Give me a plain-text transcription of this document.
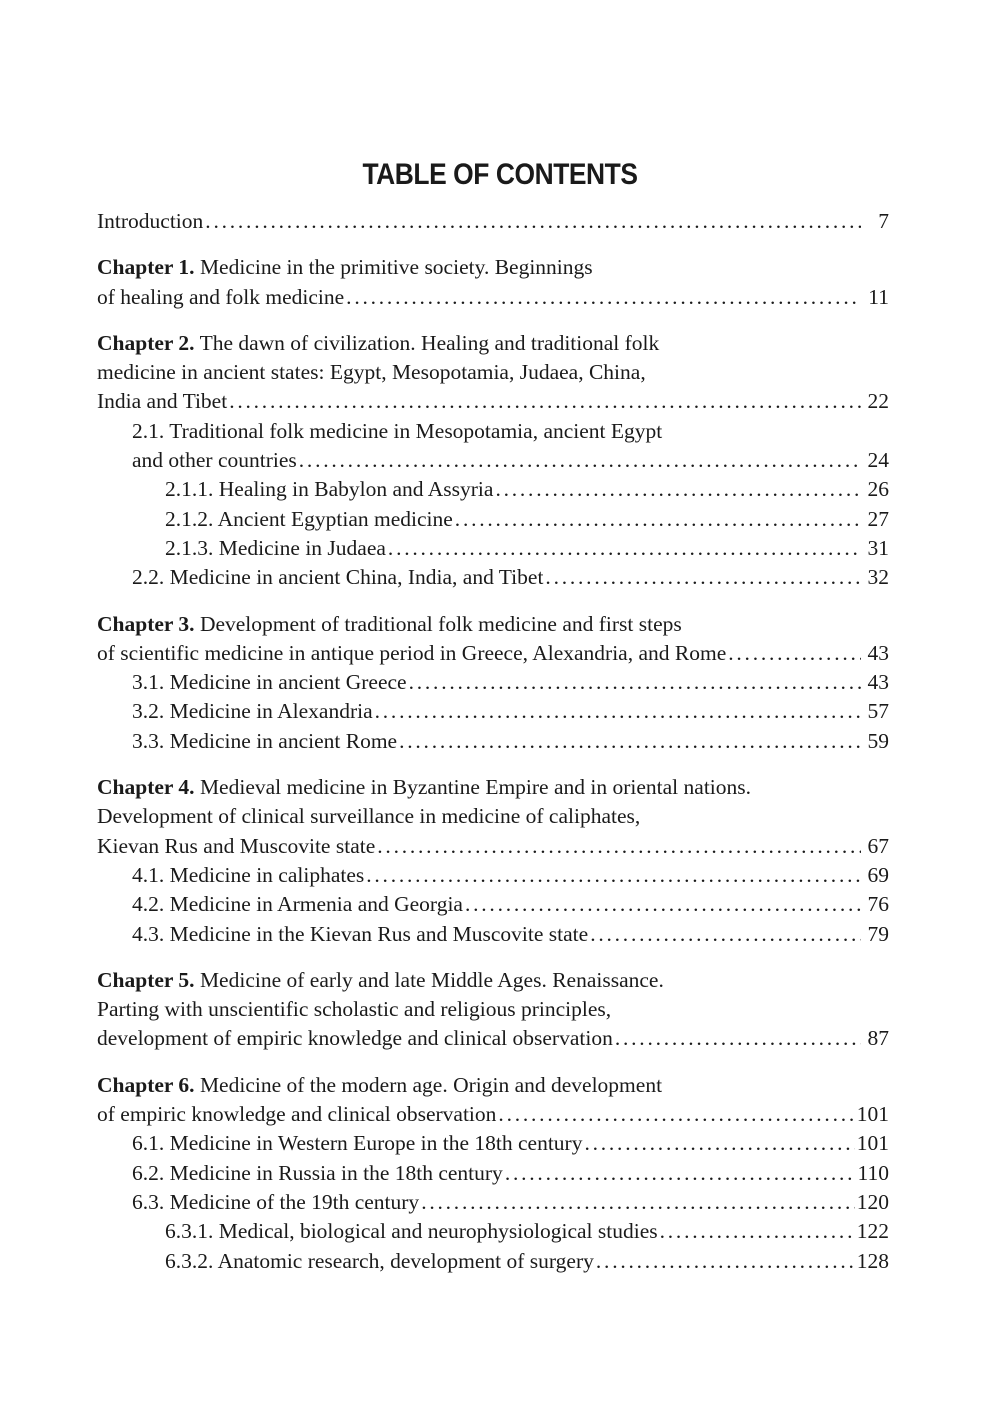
TABLE OF CONTENTS
Introduction . . .	7
Chapter 1. Medicine in the primitive society. Beginnings
of healing and folk medicine . . .	11
Chapter 2. The dawn of civilization. Healing and traditional folk
medicine in ancient states: Egypt, Mesopotamia, Judaea, China,
India and Tibet . . .	22
2.1. Traditional folk medicine in Mesopotamia, ancient Egypt
and other countries . . .	24
2.1.1. Healing in Babylon and Assyria . . .	26
2.1.2. Ancient Egyptian medicine . . .	27
2.1.3. Medicine in Judaea . . .	31
2.2. Medicine in ancient China, India, and Tibet . . .	32
Chapter 3. Development of traditional folk medicine and first steps
of scientific medicine in antique period in Greece, Alexandria, and Rome . . .	43
3.1. Medicine in ancient Greece . . .	43
3.2. Medicine in Alexandria . . .	57
3.3. Medicine in ancient Rome . . .	59
Chapter 4. Medieval medicine in Byzantine Empire and in oriental nations.
Development of clinical surveillance in medicine of caliphates,
Kievan Rus and Muscovite state . . .	67
4.1. Medicine in caliphates . . .	69
4.2. Medicine in Armenia and Georgia . . .	76
4.3. Medicine in the Kievan Rus and Muscovite state . . .	79
Chapter 5. Medicine of early and late Middle Ages. Renaissance.
Parting with unscientific scholastic and religious principles,
development of empiric knowledge and clinical observation . . .	87
Chapter 6. Medicine of the modern age. Origin and development
of empiric knowledge and clinical observation . . .	101
6.1. Medicine in Western Europe in the 18th century . . .	101
6.2. Medicine in Russia in the 18th century . . .	110
6.3. Medicine of the 19th century . . .	120
6.3.1. Medical, biological and neurophysiological studies . . .	122
6.3.2. Anatomic research, development of surgery . . .	128
